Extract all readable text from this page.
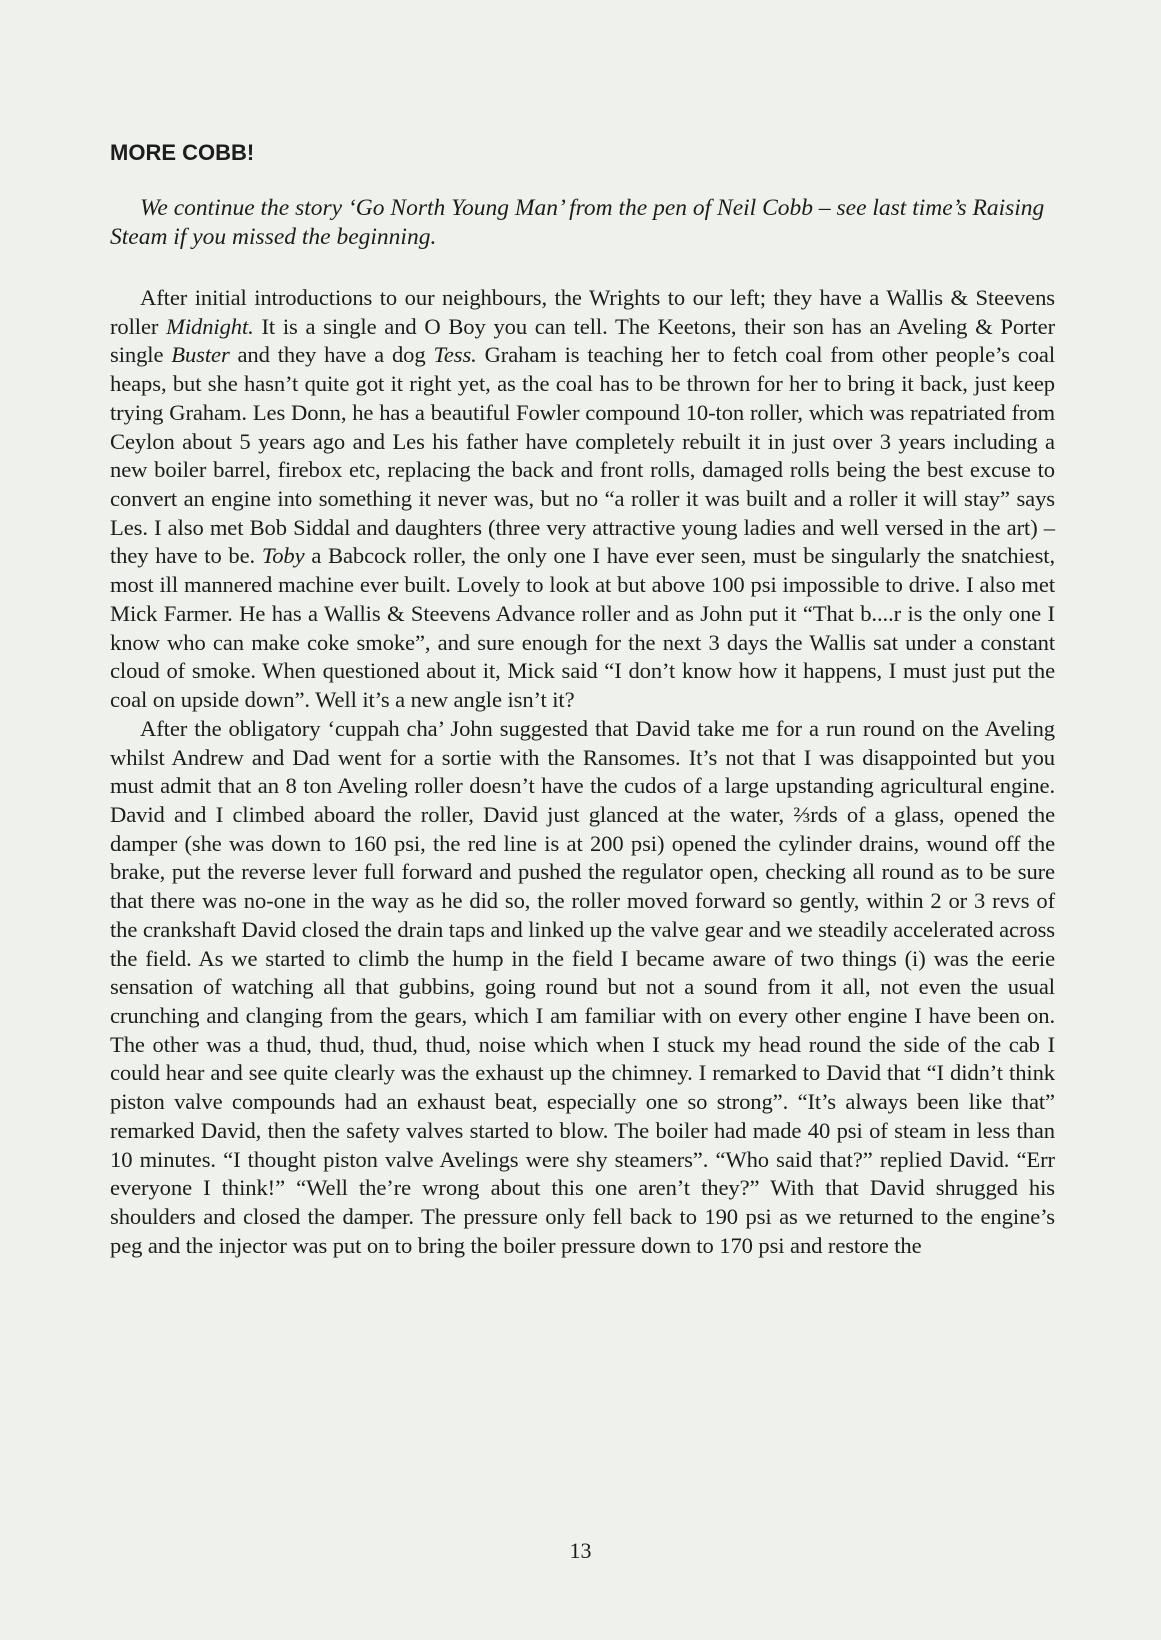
MORE COBB!

We continue the story ‘Go North Young Man’ from the pen of Neil Cobb – see last time’s Raising Steam if you missed the beginning.

After initial introductions to our neighbours, the Wrights to our left; they have a Wallis & Steevens roller Midnight. It is a single and O Boy you can tell. The Keetons, their son has an Aveling & Porter single Buster and they have a dog Tess. Graham is teaching her to fetch coal from other people’s coal heaps, but she hasn’t quite got it right yet, as the coal has to be thrown for her to bring it back, just keep trying Graham. Les Donn, he has a beautiful Fowler compound 10-ton roller, which was repatriated from Ceylon about 5 years ago and Les his father have completely rebuilt it in just over 3 years including a new boiler barrel, firebox etc, replacing the back and front rolls, damaged rolls being the best excuse to convert an engine into something it never was, but no “a roller it was built and a roller it will stay” says Les. I also met Bob Siddal and daughters (three very attractive young ladies and well versed in the art) – they have to be. Toby a Babcock roller, the only one I have ever seen, must be singularly the snatchiest, most ill mannered machine ever built. Lovely to look at but above 100 psi impossible to drive. I also met Mick Farmer. He has a Wallis & Steevens Advance roller and as John put it “That b....r is the only one I know who can make coke smoke”, and sure enough for the next 3 days the Wallis sat under a constant cloud of smoke. When questioned about it, Mick said “I don’t know how it happens, I must just put the coal on upside down”. Well it’s a new angle isn’t it?

After the obligatory ‘cuppah cha’ John suggested that David take me for a run round on the Aveling whilst Andrew and Dad went for a sortie with the Ransomes. It’s not that I was disappointed but you must admit that an 8 ton Aveling roller doesn’t have the cudos of a large upstanding agricultural engine. David and I climbed aboard the roller, David just glanced at the water, ⅔rds of a glass, opened the damper (she was down to 160 psi, the red line is at 200 psi) opened the cylinder drains, wound off the brake, put the reverse lever full forward and pushed the regulator open, checking all round as to be sure that there was no-one in the way as he did so, the roller moved forward so gently, within 2 or 3 revs of the crankshaft David closed the drain taps and linked up the valve gear and we steadily accelerated across the field. As we started to climb the hump in the field I became aware of two things (i) was the eerie sensation of watching all that gubbins, going round but not a sound from it all, not even the usual crunching and clanging from the gears, which I am familiar with on every other engine I have been on. The other was a thud, thud, thud, thud, noise which when I stuck my head round the side of the cab I could hear and see quite clearly was the exhaust up the chimney. I remarked to David that “I didn’t think piston valve compounds had an exhaust beat, especially one so strong”. “It’s always been like that” remarked David, then the safety valves started to blow. The boiler had made 40 psi of steam in less than 10 minutes. “I thought piston valve Avelings were shy steamers”. “Who said that?” replied David. “Err everyone I think!” “Well the’re wrong about this one aren’t they?” With that David shrugged his shoulders and closed the damper. The pressure only fell back to 190 psi as we returned to the engine’s peg and the injector was put on to bring the boiler pressure down to 170 psi and restore the

13
